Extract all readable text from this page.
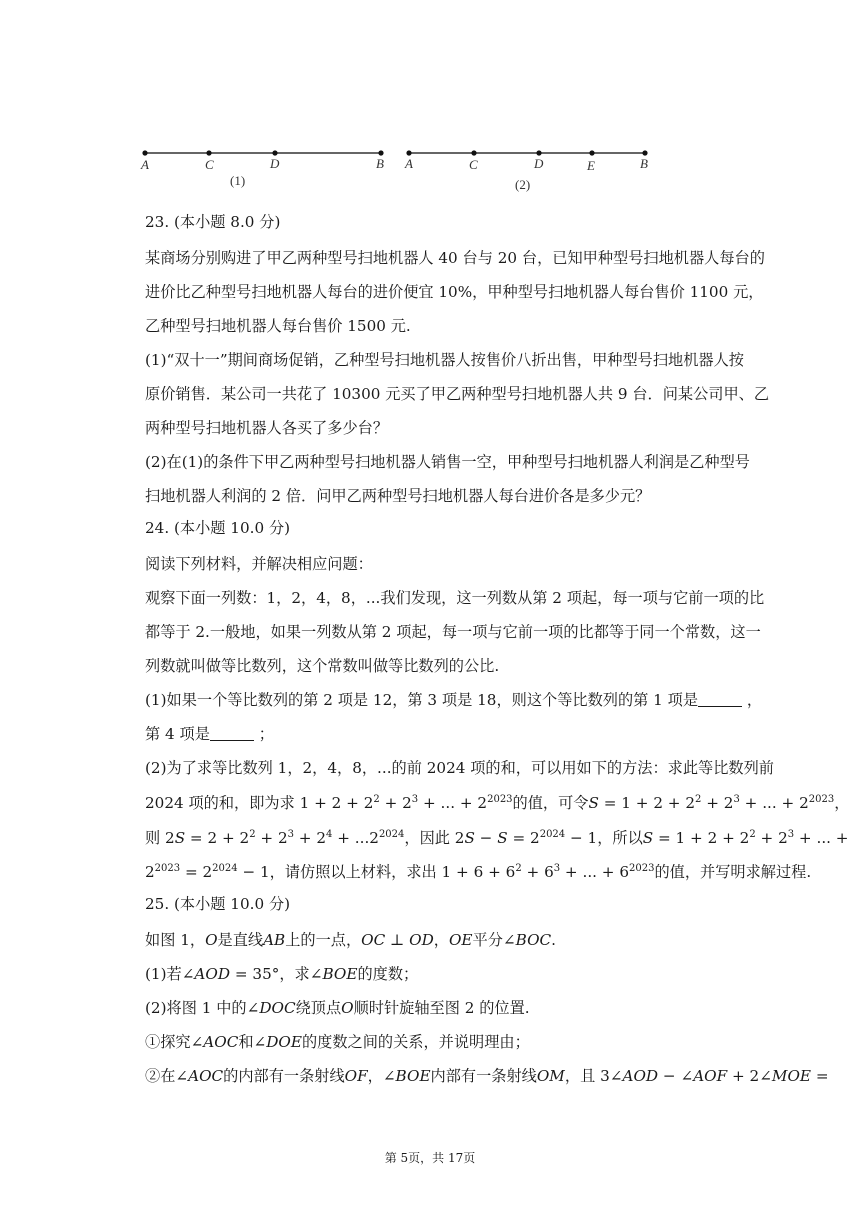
A	C	D	B
(1)
A	C	D	E	B
(2)
23. (本小题 8.0 分)
某商场分别购进了甲乙两种型号扫地机器人 40 台与 20 台，已知甲种型号扫地机器人每台的
进价比乙种型号扫地机器人每台的进价便宜 10%，甲种型号扫地机器人每台售价 1100 元，
乙种型号扫地机器人每台售价 1500 元.
(1)“双十一”期间商场促销，乙种型号扫地机器人按售价八折出售，甲种型号扫地机器人按
原价销售．某公司一共花了 10300 元买了甲乙两种型号扫地机器人共 9 台．问某公司甲、乙
两种型号扫地机器人各买了多少台？
(2)在(1)的条件下甲乙两种型号扫地机器人销售一空，甲种型号扫地机器人利润是乙种型号
扫地机器人利润的 2 倍．问甲乙两种型号扫地机器人每台进价各是多少元？
24. (本小题 10.0 分)
阅读下列材料，并解决相应问题：
观察下面一列数：1，2，4，8，...我们发现，这一列数从第 2 项起，每一项与它前一项的比
都等于 2.一般地，如果一列数从第 2 项起，每一项与它前一项的比都等于同一个常数，这一
列数就叫做等比数列，这个常数叫做等比数列的公比.
(1)如果一个等比数列的第 2 项是 12，第 3 项是 18，则这个等比数列的第 1 项是	，
第 4 项是	；
(2)为了求等比数列 1，2，4，8，...的前 2024 项的和，可以用如下的方法：求此等比数列前
2024 项的和，即为求 $1 + 2 + 2^2 + 2^3$ + ... + $2^{2023}$的值，可令$S = 1 + 2 + 2^2 + 2^3$ + ... + $2^{2023}$，
则 $2S = 2 + 2^2 + 2^3 + 2^4 + ...2^{2024}$，因此 $2S - S = 2^{2024} - 1$，所以$S = 1 + 2 + 2^2 + 2^3$ + ... +
$2^{2023} = 2^{2024} - 1$，请仿照以上材料，求出 $1 + 6 + 6^2 + 6^3$ + ... + $6^{2023}$的值，并写明求解过程.
25. (本小题 10.0 分)
如图 1，O是直线AB上的一点，OC ⊥ OD，OE平分∠BOC.
(1)若∠AOD = 35°，求∠BOE的度数；
(2)将图 1 中的∠DOC绕顶点O顺时针旋轴至图 2 的位置.
①探究∠AOC和∠DOE的度数之间的关系，并说明理由；
②在∠AOC的内部有一条射线OF，∠BOE内部有一条射线OM，且 3∠AOD − ∠AOF + 2∠MOE =
第 5页，共 17页
